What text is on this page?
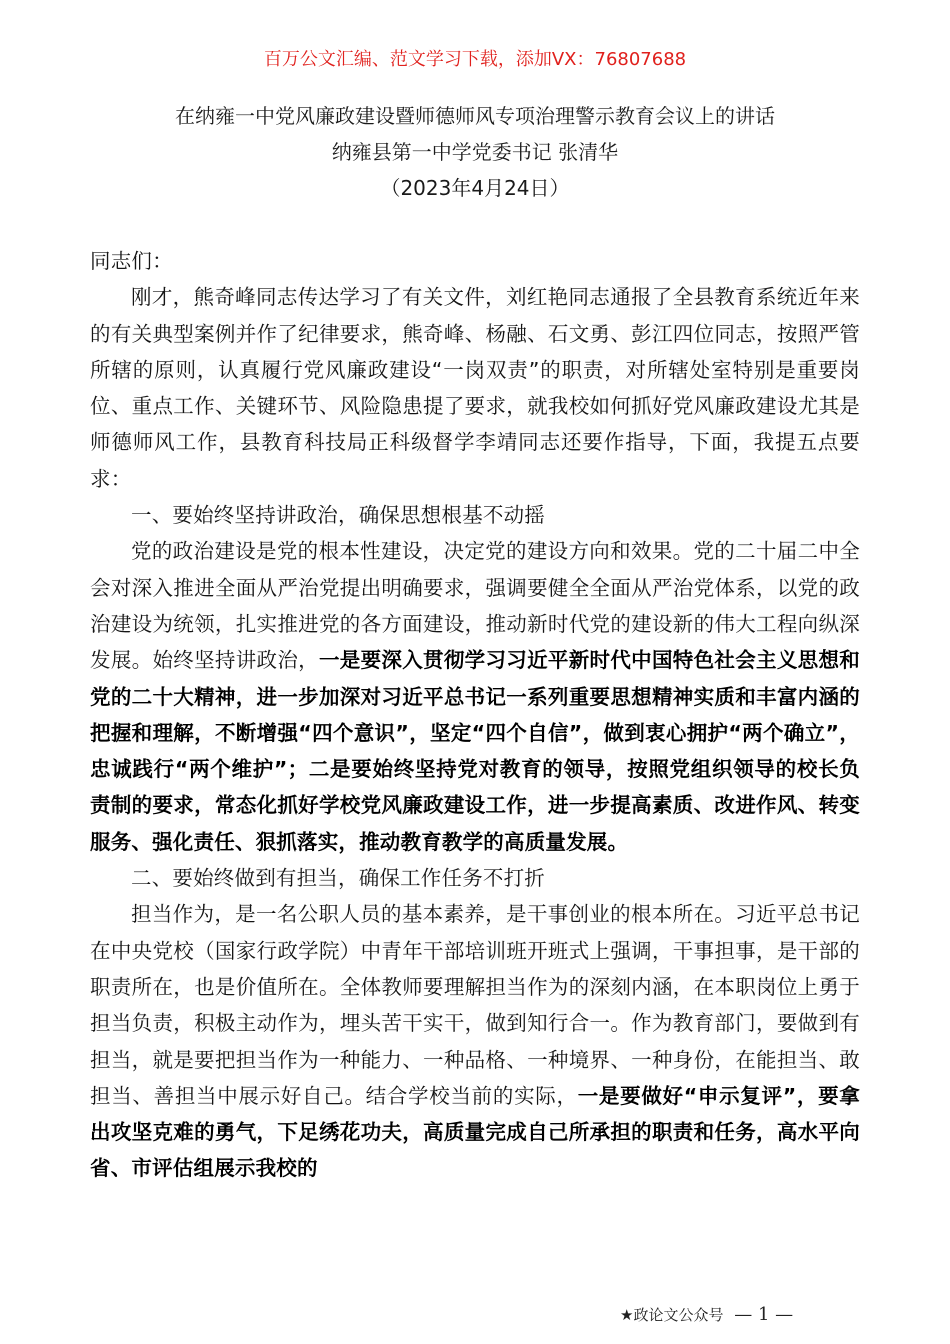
百万公文汇编、范文学习下载，添加VX：76807688
在纳雍一中党风廉政建设暨师德师风专项治理警示教育会议上的讲话
纳雍县第一中学党委书记 张清华
（2023年4月24日）

同志们：

刚才，熊奇峰同志传达学习了有关文件，刘红艳同志通报了全县教育系统近年来的有关典型案例并作了纪律要求，熊奇峰、杨融、石文勇、彭江四位同志，按照严管所辖的原则，认真履行党风廉政建设“一岗双责”的职责，对所辖处室特别是重要岗位、重点工作、关键环节、风险隐患提了要求，就我校如何抓好党风廉政建设尤其是师德师风工作，县教育科技局正科级督学李靖同志还要作指导，下面，我提五点要求：

一、要始终坚持讲政治，确保思想根基不动摇

党的政治建设是党的根本性建设，决定党的建设方向和效果。党的二十届二中全会对深入推进全面从严治党提出明确要求，强调要健全全面从严治党体系，以党的政治建设为统领，扎实推进党的各方面建设，推动新时代党的建设新的伟大工程向纵深发展。始终坚持讲政治，一是要深入贯彻学习习近平新时代中国特色社会主义思想和党的二十大精神，进一步加深对习近平总书记一系列重要思想精神实质和丰富内涵的把握和理解，不断增强“四个意识”，坚定“四个自信”，做到衷心拥护“两个确立”，忠诚践行“两个维护”；二是要始终坚持党对教育的领导，按照党组织领导的校长负责制的要求，常态化抓好学校党风廉政建设工作，进一步提高素质、改进作风、转变服务、强化责任、狠抓落实，推动教育教学的高质量发展。

二、要始终做到有担当，确保工作任务不打折

担当作为，是一名公职人员的基本素养，是干事创业的根本所在。习近平总书记在中央党校（国家行政学院）中青年干部培训班开班式上强调，干事担事，是干部的职责所在，也是价值所在。全体教师要理解担当作为的深刻内涵，在本职岗位上勇于担当负责，积极主动作为，埋头苦干实干，做到知行合一。作为教育部门，要做到有担当，就是要把担当作为一种能力、一种品格、一种境界、一种身份，在能担当、敢担当、善担当中展示好自己。结合学校当前的实际，一是要做好“申示复评”，要拿出攻坚克难的勇气，下足绣花功夫，高质量完成自己所承担的职责和任务，高水平向省、市评估组展示我校的

★政论文公众号 — 1 —
